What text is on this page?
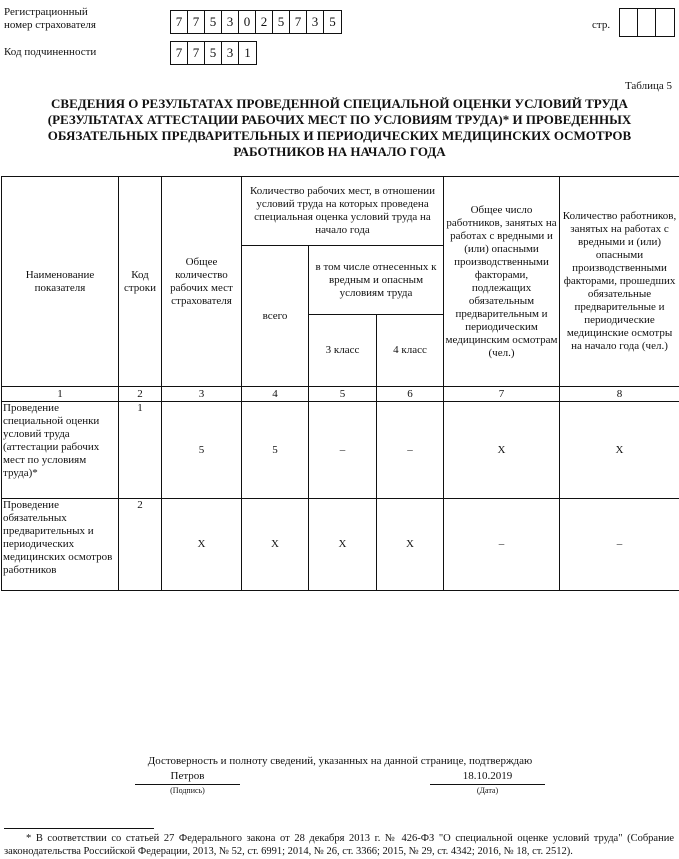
Регистрационный номер страхователя	7 7 5 3 0 2 5 7 3 5	стр.
Код подчиненности	7 7 5 3 1
Таблица 5
СВЕДЕНИЯ О РЕЗУЛЬТАТАХ ПРОВЕДЕННОЙ СПЕЦИАЛЬНОЙ ОЦЕНКИ УСЛОВИЙ ТРУДА (РЕЗУЛЬТАТАХ АТТЕСТАЦИИ РАБОЧИХ МЕСТ ПО УСЛОВИЯМ ТРУДА)* И ПРОВЕДЕННЫХ ОБЯЗАТЕЛЬНЫХ ПРЕДВАРИТЕЛЬНЫХ И ПЕРИОДИЧЕСКИХ МЕДИЦИНСКИХ ОСМОТРОВ РАБОТНИКОВ НА НАЧАЛО ГОДА
Наименование показателя	Код строки	Общее количество рабочих мест страхователя	Количество рабочих мест, в отношении условий труда на которых проведена специальная оценка условий труда на начало года			Общее число работников, занятых на работах с вредными и (или) опасными производственными факторами, подлежащих обязательным предварительным и периодическим медицинским осмотрам (чел.)	Количество работников, занятых на работах с вредными и (или) опасными производственными факторами, прошедших обязательные предварительные и периодические медицинские осмотры на начало года (чел.)
			всего	в том числе отнесенных к вредным и опасным условиям труда			
				3 класс	4 класс		
1	2	3	4	5	6	7	8
Проведение специальной оценки условий труда (аттестации рабочих мест по условиям труда)*	1	5	5	–	–	X	X
Проведение обязательных предварительных и периодических медицинских осмотров работников	2	X	X	X	X	–	–
Достоверность и полноту сведений, указанных на данной странице, подтверждаю
Петров
(Подпись)
18.10.2019
(Дата)
* В соответствии со статьей 27 Федерального закона от 28 декабря 2013 г. № 426-ФЗ "О специальной оценке условий труда" (Собрание законодательства Российской Федерации, 2013, № 52, ст. 6991; 2014, № 26, ст. 3366; 2015, № 29, ст. 4342; 2016, № 18, ст. 2512).
